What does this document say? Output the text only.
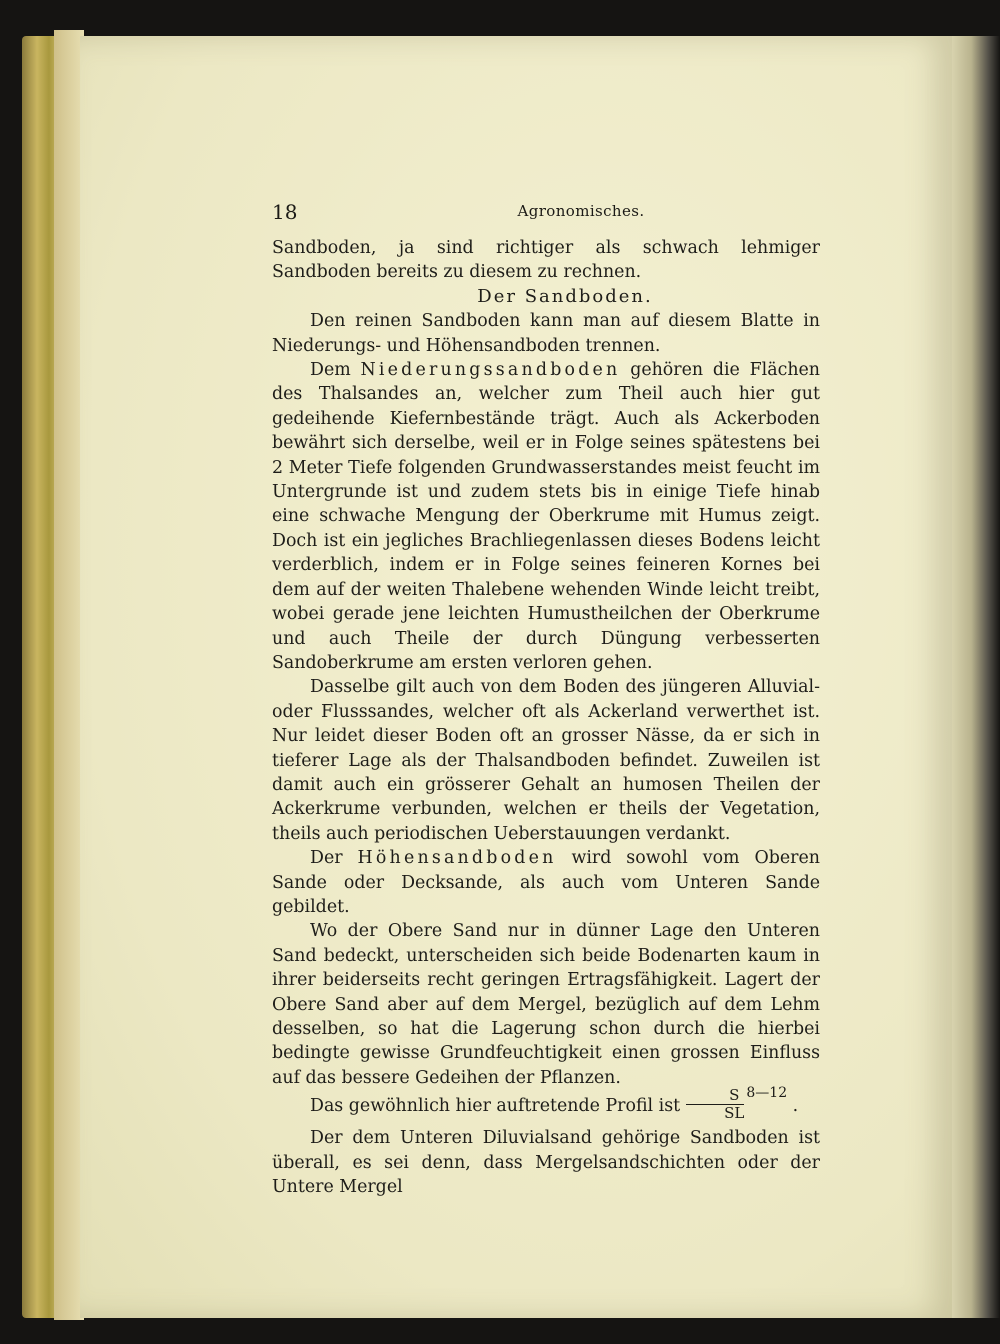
18	Agronomisches.

Sandboden, ja sind richtiger als schwach lehmiger Sandboden bereits zu diesem zu rechnen.

Der Sandboden.

Den reinen Sandboden kann man auf diesem Blatte in Niederungs- und Höhensandboden trennen.

Dem Niederungssandboden gehören die Flächen des Thalsandes an, welcher zum Theil auch hier gut gedeihende Kiefernbestände trägt. Auch als Ackerboden bewährt sich derselbe, weil er in Folge seines spätestens bei 2 Meter Tiefe folgenden Grundwasserstandes meist feucht im Untergrunde ist und zudem stets bis in einige Tiefe hinab eine schwache Mengung der Oberkrume mit Humus zeigt. Doch ist ein jegliches Brachliegenlassen dieses Bodens leicht verderblich, indem er in Folge seines feineren Kornes bei dem auf der weiten Thalebene wehenden Winde leicht treibt, wobei gerade jene leichten Humustheilchen der Oberkrume und auch Theile der durch Düngung verbesserten Sandoberkrume am ersten verloren gehen.

Dasselbe gilt auch von dem Boden des jüngeren Alluvial- oder Flusssandes, welcher oft als Ackerland verwerthet ist. Nur leidet dieser Boden oft an grosser Nässe, da er sich in tieferer Lage als der Thalsandboden befindet. Zuweilen ist damit auch ein grösserer Gehalt an humosen Theilen der Ackerkrume verbunden, welchen er theils der Vegetation, theils auch periodischen Ueberstauungen verdankt.

Der Höhensandboden wird sowohl vom Oberen Sande oder Decksande, als auch vom Unteren Sande gebildet.

Wo der Obere Sand nur in dünner Lage den Unteren Sand bedeckt, unterscheiden sich beide Bodenarten kaum in ihrer beiderseits recht geringen Ertragsfähigkeit. Lagert der Obere Sand aber auf dem Mergel, bezüglich auf dem Lehm desselben, so hat die Lagerung schon durch die hierbei bedingte gewisse Grundfeuchtigkeit einen grossen Einfluss auf das bessere Gedeihen der Pflanzen.

Das gewöhnlich hier auftretende Profil ist $\frac{S}{SL} ^{8—12}$ .

Der dem Unteren Diluvialsand gehörige Sandboden ist überall, es sei denn, dass Mergelsandschichten oder der Untere Mergel
